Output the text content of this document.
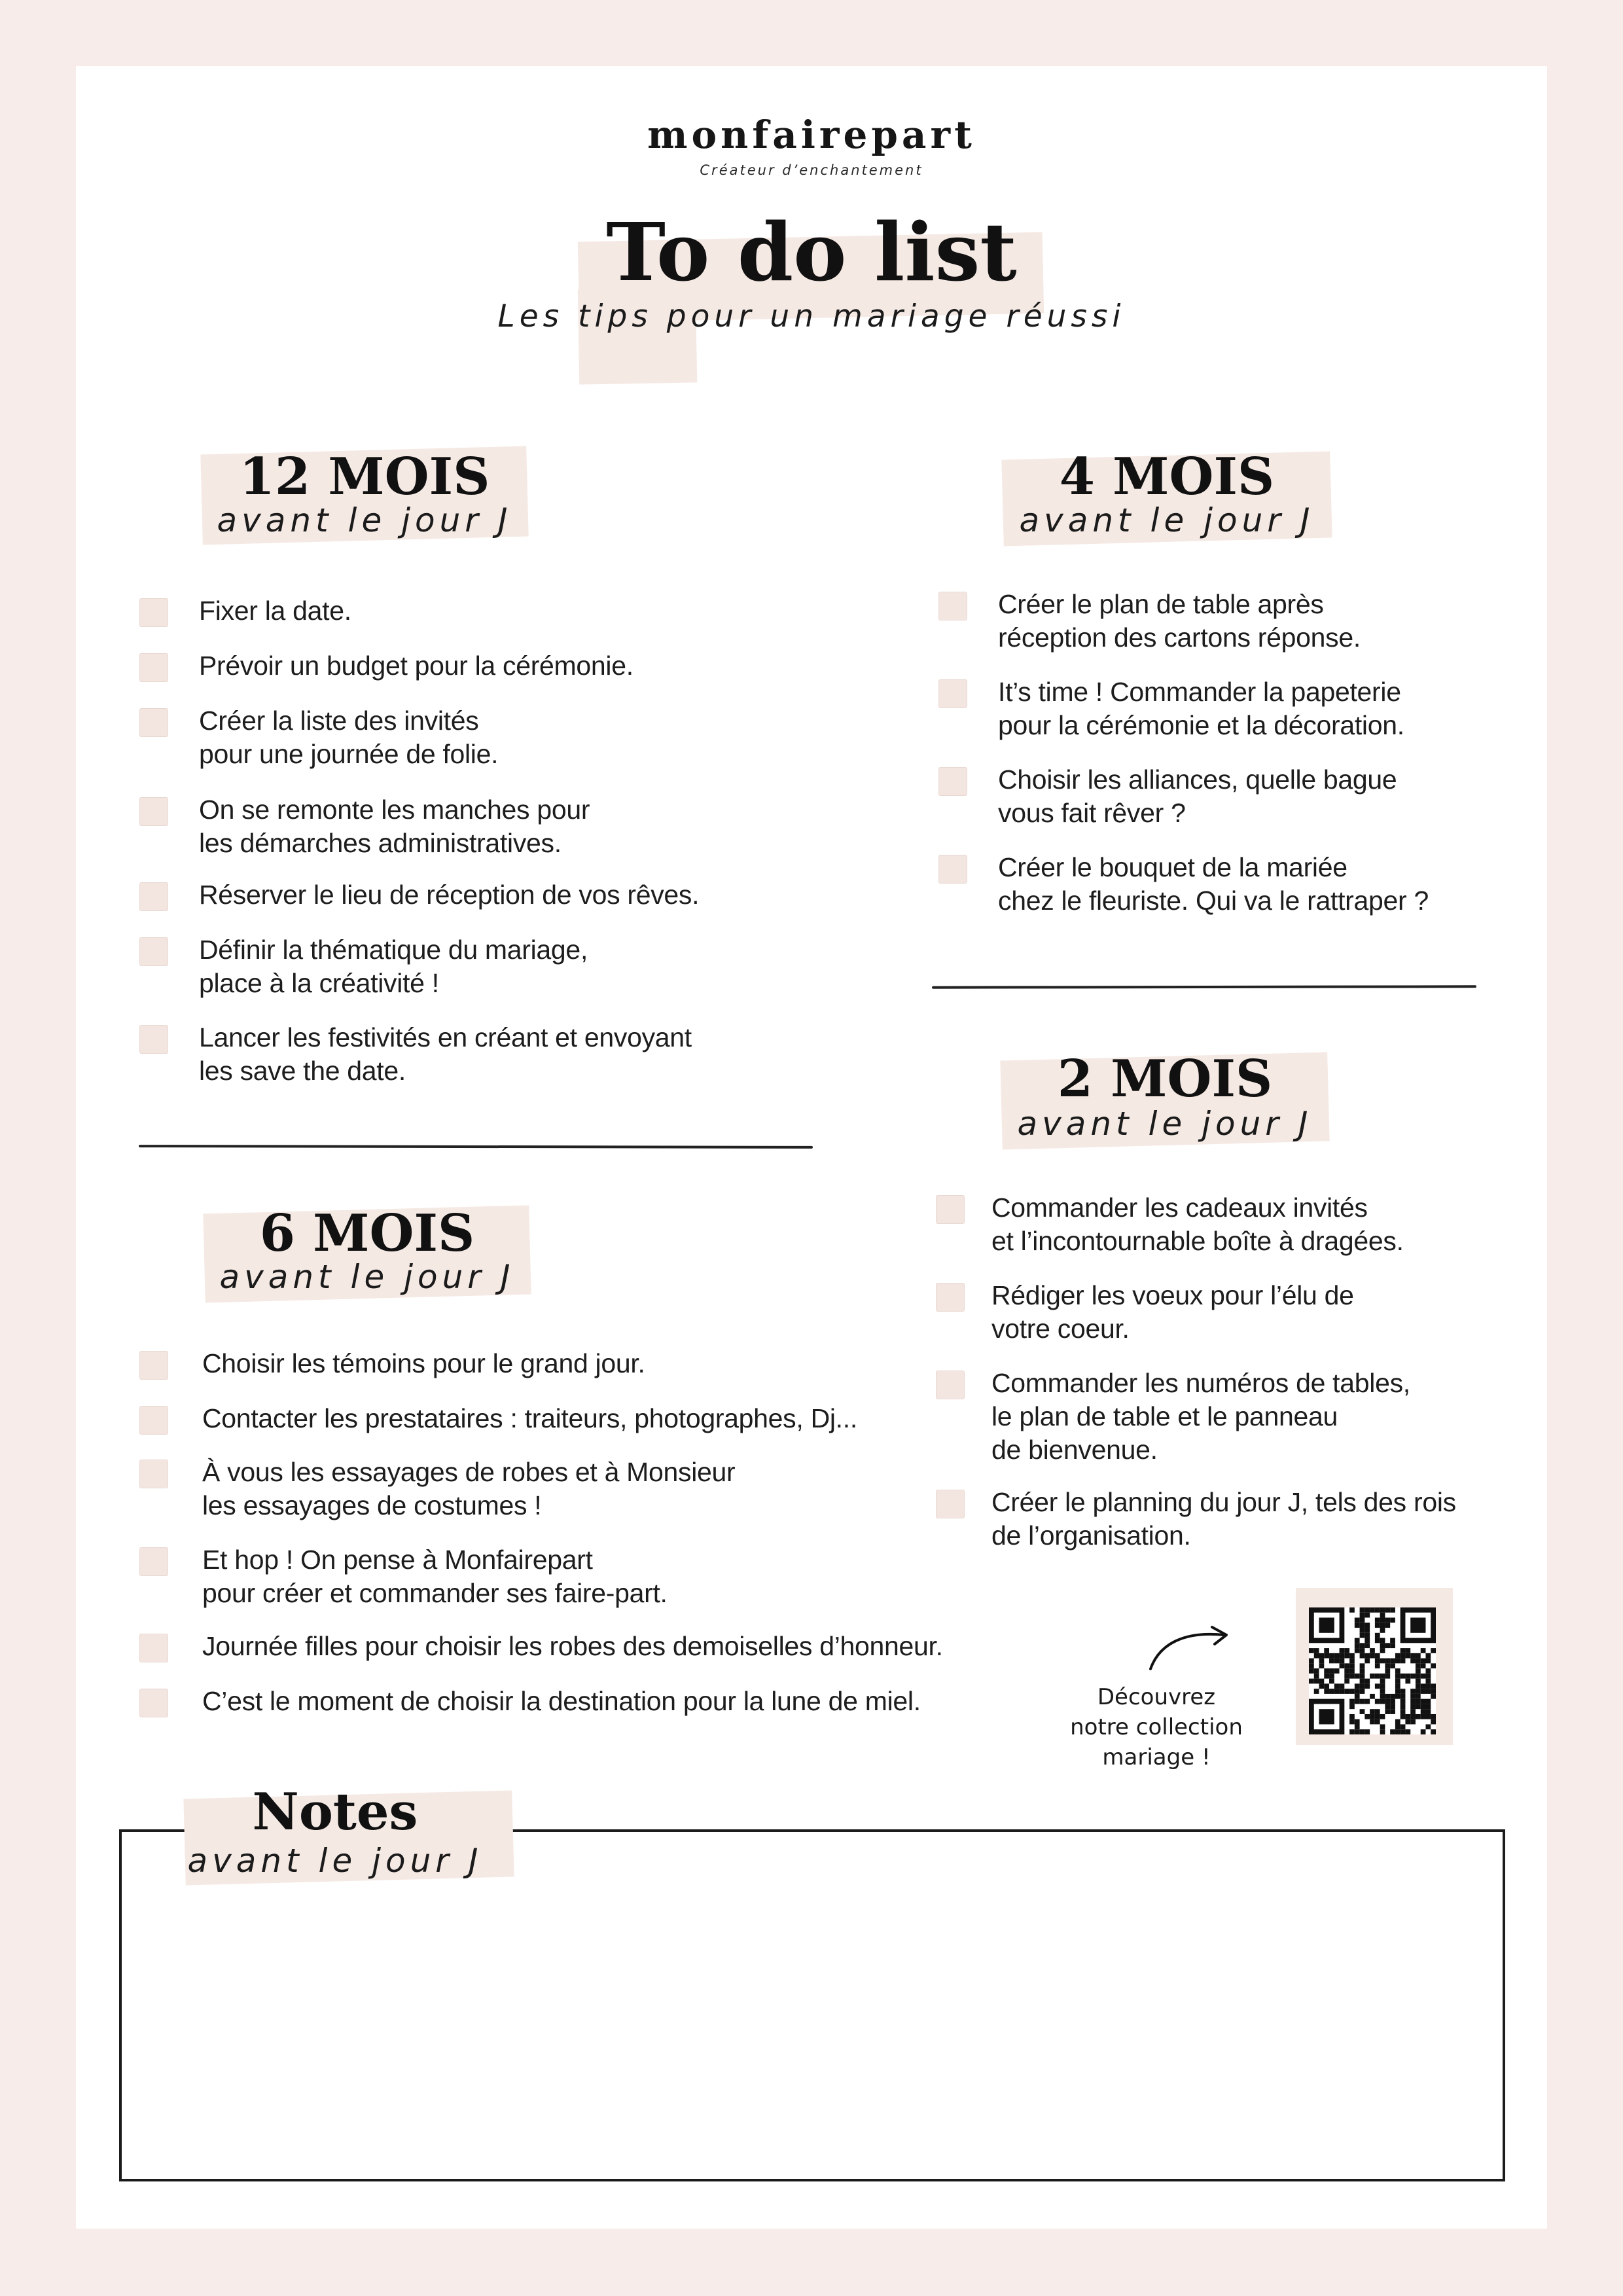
monfairepart
Créateur d’enchantement
To do list
Les tips pour un mariage réussi
12 MOIS
avant le jour J
4 MOIS
avant le jour J
6 MOIS
avant le jour J
2 MOIS
avant le jour J
Fixer la date.
Prévoir un budget pour la cérémonie.
Créer la liste des invités
pour une journée de folie.
On se remonte les manches pour
les démarches administratives.
Réserver le lieu de réception de vos rêves.
Définir la thématique du mariage,
place à la créativité !
Lancer les festivités en créant et envoyant
les save the date.
Créer le plan de table après
réception des cartons réponse.
It’s time ! Commander la papeterie
pour la cérémonie et la décoration.
Choisir les alliances, quelle bague
vous fait rêver ?
Créer le bouquet de la mariée
chez le fleuriste. Qui va le rattraper ?
Choisir les témoins pour le grand jour.
Contacter les prestataires : traiteurs, photographes, Dj...
À vous les essayages de robes et à Monsieur
les essayages de costumes !
Et hop ! On pense à Monfairepart
pour créer et commander ses faire-part.
Journée filles pour choisir les robes des demoiselles d’honneur.
C’est le moment de choisir la destination pour la lune de miel.
Commander les cadeaux invités
et l’incontournable boîte à dragées.
Rédiger les voeux pour l’élu de
votre coeur.
Commander les numéros de tables,
le plan de table et le panneau
de bienvenue.
Créer le planning du jour J, tels des rois
de l’organisation.
Découvrez
notre collection
mariage !
Notes
avant le jour J
